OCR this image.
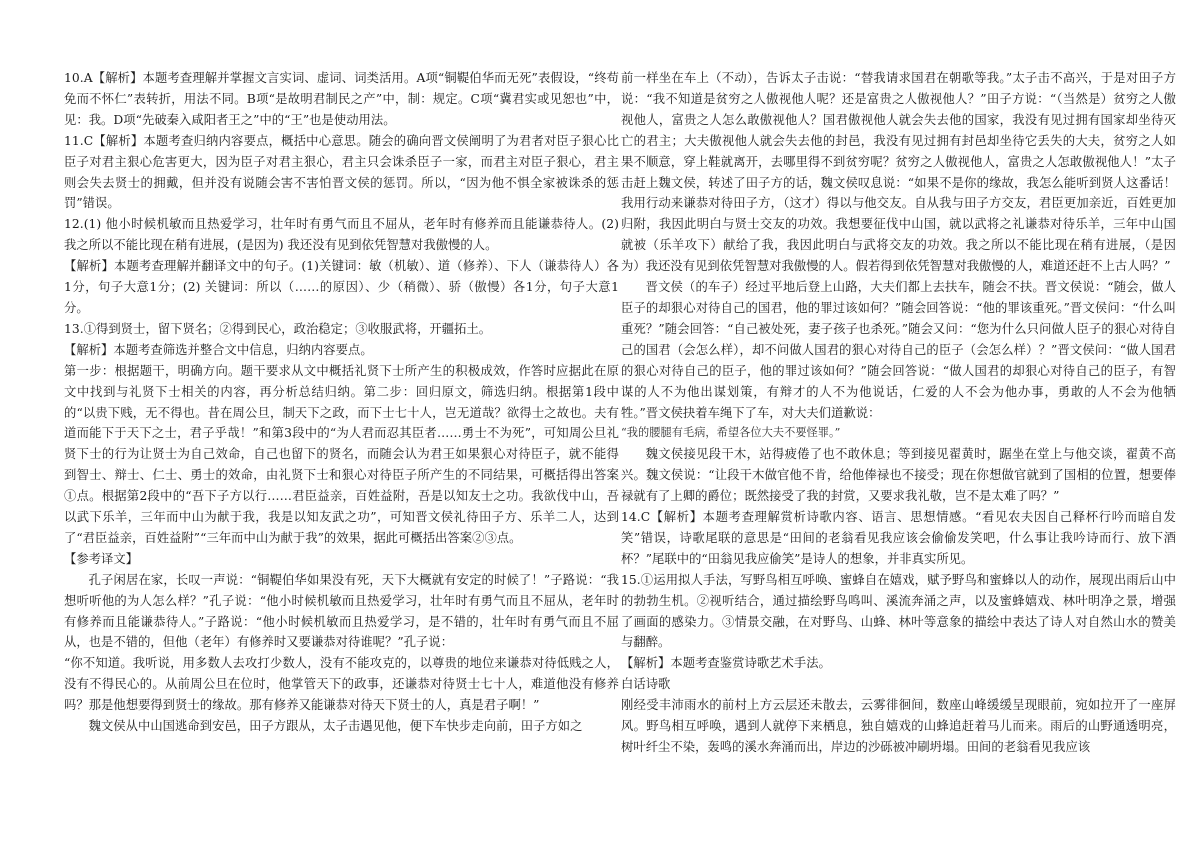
10.A【解析】本题考查理解并掌握文言实词、虚词、词类活用。A项“铜鞮伯华而无死”表假设，“终苟免而不怀仁”表转折，用法不同。B项“是故明君制民之产”中，制：规定。C项“冀君实或见恕也”中，见：我。D项“先破秦入咸阳者王之”中的“王”也是使动用法。

11.C【解析】本题考查归纳内容要点，概括中心意思。随会的确向晋文侯阐明了为君者对臣子狠心比臣子对君主狠心危害更大，因为臣子对君主狠心，君主只会诛杀臣子一家，而君主对臣子狠心，君主则会失去贤士的拥戴，但并没有说随会害不害怕晋文侯的惩罚。所以，“因为他不惧全家被诛杀的惩罚”错误。

12.(1) 他小时候机敏而且热爱学习，壮年时有勇气而且不屈从，老年时有修养而且能谦恭待人。(2) 我之所以不能比现在稍有进展，(是因为) 我还没有见到依凭智慧对我傲慢的人。

【解析】本题考查理解并翻译文中的句子。(1)关键词：敏（机敏）、道（修养）、下人（谦恭待人）各1分，句子大意1分；(2) 关键词：所以（……的原因）、少（稍微）、骄（傲慢）各1分，句子大意1分。

13.①得到贤士，留下贤名；②得到民心，政治稳定；③收服武将，开疆拓土。

【解析】本题考查筛选并整合文中信息，归纳内容要点。

第一步：根据题干，明确方向。题干要求从文中概括礼贤下士所产生的积极成效，作答时应据此在原文中找到与礼贤下士相关的内容，再分析总结归纳。第二步：回归原文，筛选归纳。根据第1段中的“以贵下贱，无不得也。昔在周公旦，制天下之政，而下士七十人，岂无道哉？欲得士之故也。夫有道而能下于天下之士，君子乎哉！”和第3段中的“为人君而忍其臣者……勇士不为死”，可知周公旦礼贤下士的行为让贤士为自己效命，自己也留下的贤名，而随会认为君王如果狠心对待臣子，就不能得到智士、辩士、仁士、勇士的效命，由礼贤下士和狠心对待臣子所产生的不同结果，可概括得出答案①点。根据第2段中的“吾下子方以行……君臣益亲，百姓益附，吾是以知友士之功。我欲伐中山，吾以武下乐羊，三年而中山为献于我，我是以知友武之功”，可知晋文侯礼待田子方、乐羊二人，达到了“君臣益亲，百姓益附”“三年而中山为献于我”的效果，据此可概括出答案②③点。

【参考译文】

孔子闲居在家，长叹一声说：“铜鞮伯华如果没有死，天下大概就有安定的时候了！”子路说：“我想听听他的为人怎么样？”孔子说：“他小时候机敏而且热爱学习，壮年时有勇气而且不屈从，老年时有修养而且能谦恭待人。”子路说：“他小时候机敏而且热爱学习，是不错的，壮年时有勇气而且不屈从，也是不错的，但他（老年）有修养时又要谦恭对待谁呢？”孔子说：

“你不知道。我听说，用多数人去攻打少数人，没有不能攻克的，以尊贵的地位来谦恭对待低贱之人，没有不得民心的。从前周公旦在位时，他掌管天下的政事，还谦恭对待贤士七十人，难道他没有修养吗？那是他想要得到贤士的缘故。那有修养又能谦恭对待天下贤士的人，真是君子啊！”

魏文侯从中山国逃命到安邑，田子方跟从，太子击遇见他，便下车快步走向前，田子方如之

前一样坐在车上（不动），告诉太子击说：“替我请求国君在朝歌等我。”太子击不高兴，于是对田子方说：“我不知道是贫穷之人傲视他人呢？还是富贵之人傲视他人？”田子方说：“（当然是）贫穷之人傲视他人，富贵之人怎么敢傲视他人？国君傲视他人就会失去他的国家，我没有见过拥有国家却坐待灭亡的君主；大夫傲视他人就会失去他的封邑，我没有见过拥有封邑却坐待它丢失的大夫，贫穷之人如果不顺意，穿上鞋就离开，去哪里得不到贫穷呢？贫穷之人傲视他人，富贵之人怎敢傲视他人！”太子击赶上魏文侯，转述了田子方的话，魏文侯叹息说：“如果不是你的缘故，我怎么能听到贤人这番话！我用行动来谦恭对待田子方，（这才）得以与他交友。自从我与田子方交友，君臣更加亲近，百姓更加归附，我因此明白与贤士交友的功效。我想要征伐中山国，就以武将之礼谦恭对待乐羊，三年中山国就被（乐羊攻下）献给了我，我因此明白与武将交友的功效。我之所以不能比现在稍有进展，（是因为）我还没有见到依凭智慧对我傲慢的人。假若得到依凭智慧对我傲慢的人，难道还赶不上古人吗？”

晋文侯（的车子）经过平地后登上山路，大夫们都上去扶车，随会不扶。晋文侯说：“随会，做人臣子的却狠心对待自己的国君，他的罪过该如何？”随会回答说：“他的罪该重死。”晋文侯问：“什么叫重死？”随会回答：“自己被处死，妻子孩子也杀死。”随会又问：“您为什么只问做人臣子的狠心对待自己的国君（会怎么样），却不问做人国君的狠心对待自己的臣子（会怎么样）？”晋文侯问：“做人国君的狠心对待自己的臣子，他的罪过该如何？”随会回答说：“做人国君的却狠心对待自己的臣子，有智谋的人不为他出谋划策，有辩才的人不为他说话，仁爱的人不会为他办事，勇敢的人不会为他牺牲。”晋文侯抉着车绳下了车，对大夫们道歉说：

“我的腰腿有毛病，希望各位大夫不要怪罪。”

魏文侯接见段干木，站得疲倦了也不敢休息；等到接见翟黄时，踞坐在堂上与他交谈，翟黄不高兴。魏文侯说：“让段干木做官他不肯，给他俸禄也不接受；现在你想做官就到了国相的位置，想要俸禄就有了上卿的爵位；既然接受了我的封赏，又要求我礼敬，岂不是太难了吗？”

14.C【解析】本题考查理解赏析诗歌内容、语言、思想情感。“看见农夫因自己释杯行吟而暗自发笑”错误，诗歌尾联的意思是“田间的老翁看见我应该会偷偷发笑吧，什么事让我吟诗而行、放下酒杯？”尾联中的“田翁见我应偷笑”是诗人的想象，并非真实所见。

15.①运用拟人手法，写野鸟相互呼唤、蜜蜂自在嬉戏，赋予野鸟和蜜蜂以人的动作，展现出雨后山中的勃勃生机。②视听结合，通过描绘野鸟鸣叫、溪流奔涌之声，以及蜜蜂嬉戏、林叶明净之景，增强了画面的感染力。③情景交融，在对野鸟、山蜂、林叶等意象的描绘中表达了诗人对自然山水的赞美与翻醉。

【解析】本题考查鉴赏诗歌艺术手法。

白话诗歌

刚经受丰沛雨水的前村上方云层还未散去，云雾徘徊间，数座山峰缓缓呈现眼前，宛如拉开了一座屏风。野鸟相互呼唤，遇到人就停下来栖息，独自嬉戏的山蜂追赶着马儿而来。雨后的山野通透明亮，树叶纤尘不染，轰鸣的溪水奔涌而出，岸边的沙砾被冲刷坍塌。田间的老翁看见我应该
